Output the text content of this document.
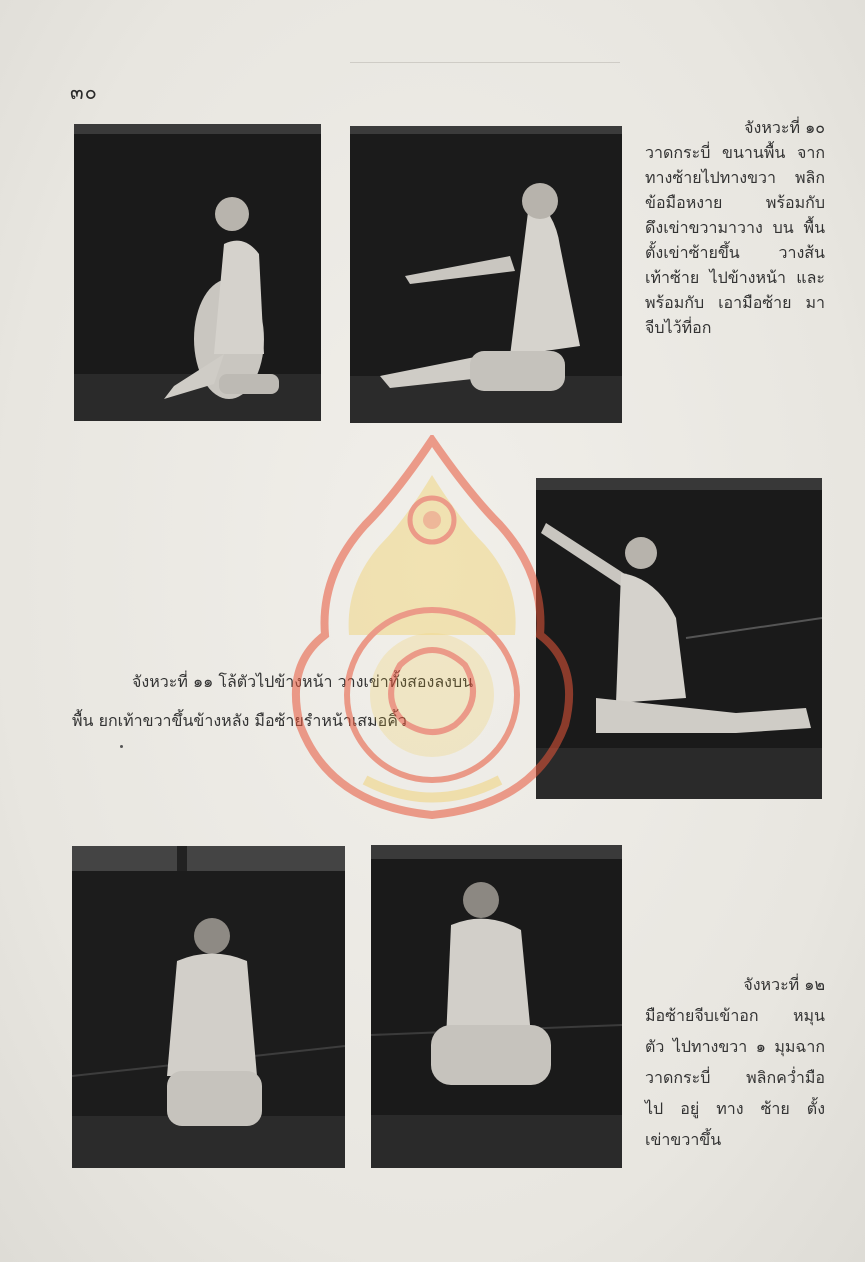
๓๐
จังหวะที่ ๑๐
วาดกระบี่ ขนานพื้น จาก
ทางซ้ายไปทางขวา พลิก
ข้อมือหงาย พร้อมกับ
ดึงเข่าขวามาวาง บน พื้น
ตั้งเข่าซ้ายขึ้น วางส้น
เท้าซ้าย ไปข้างหน้า และ
พร้อมกับ เอามือซ้าย มา
จีบไว้ที่อก
จังหวะที่ ๑๑ โล้ตัวไปข้างหน้า วางเข่าทั้งสองลงบน
พื้น ยกเท้าขวาขึ้นข้างหลัง มือซ้ายรำหน้าเสมอคิ้ว
จังหวะที่ ๑๒
มือซ้ายจีบเข้าอก หมุน
ตัว ไปทางขวา ๑ มุมฉาก
วาดกระบี่ พลิกคว่ำมือ
ไป อยู่ ทาง ซ้าย ตั้ง
เข่าขวาขึ้น
